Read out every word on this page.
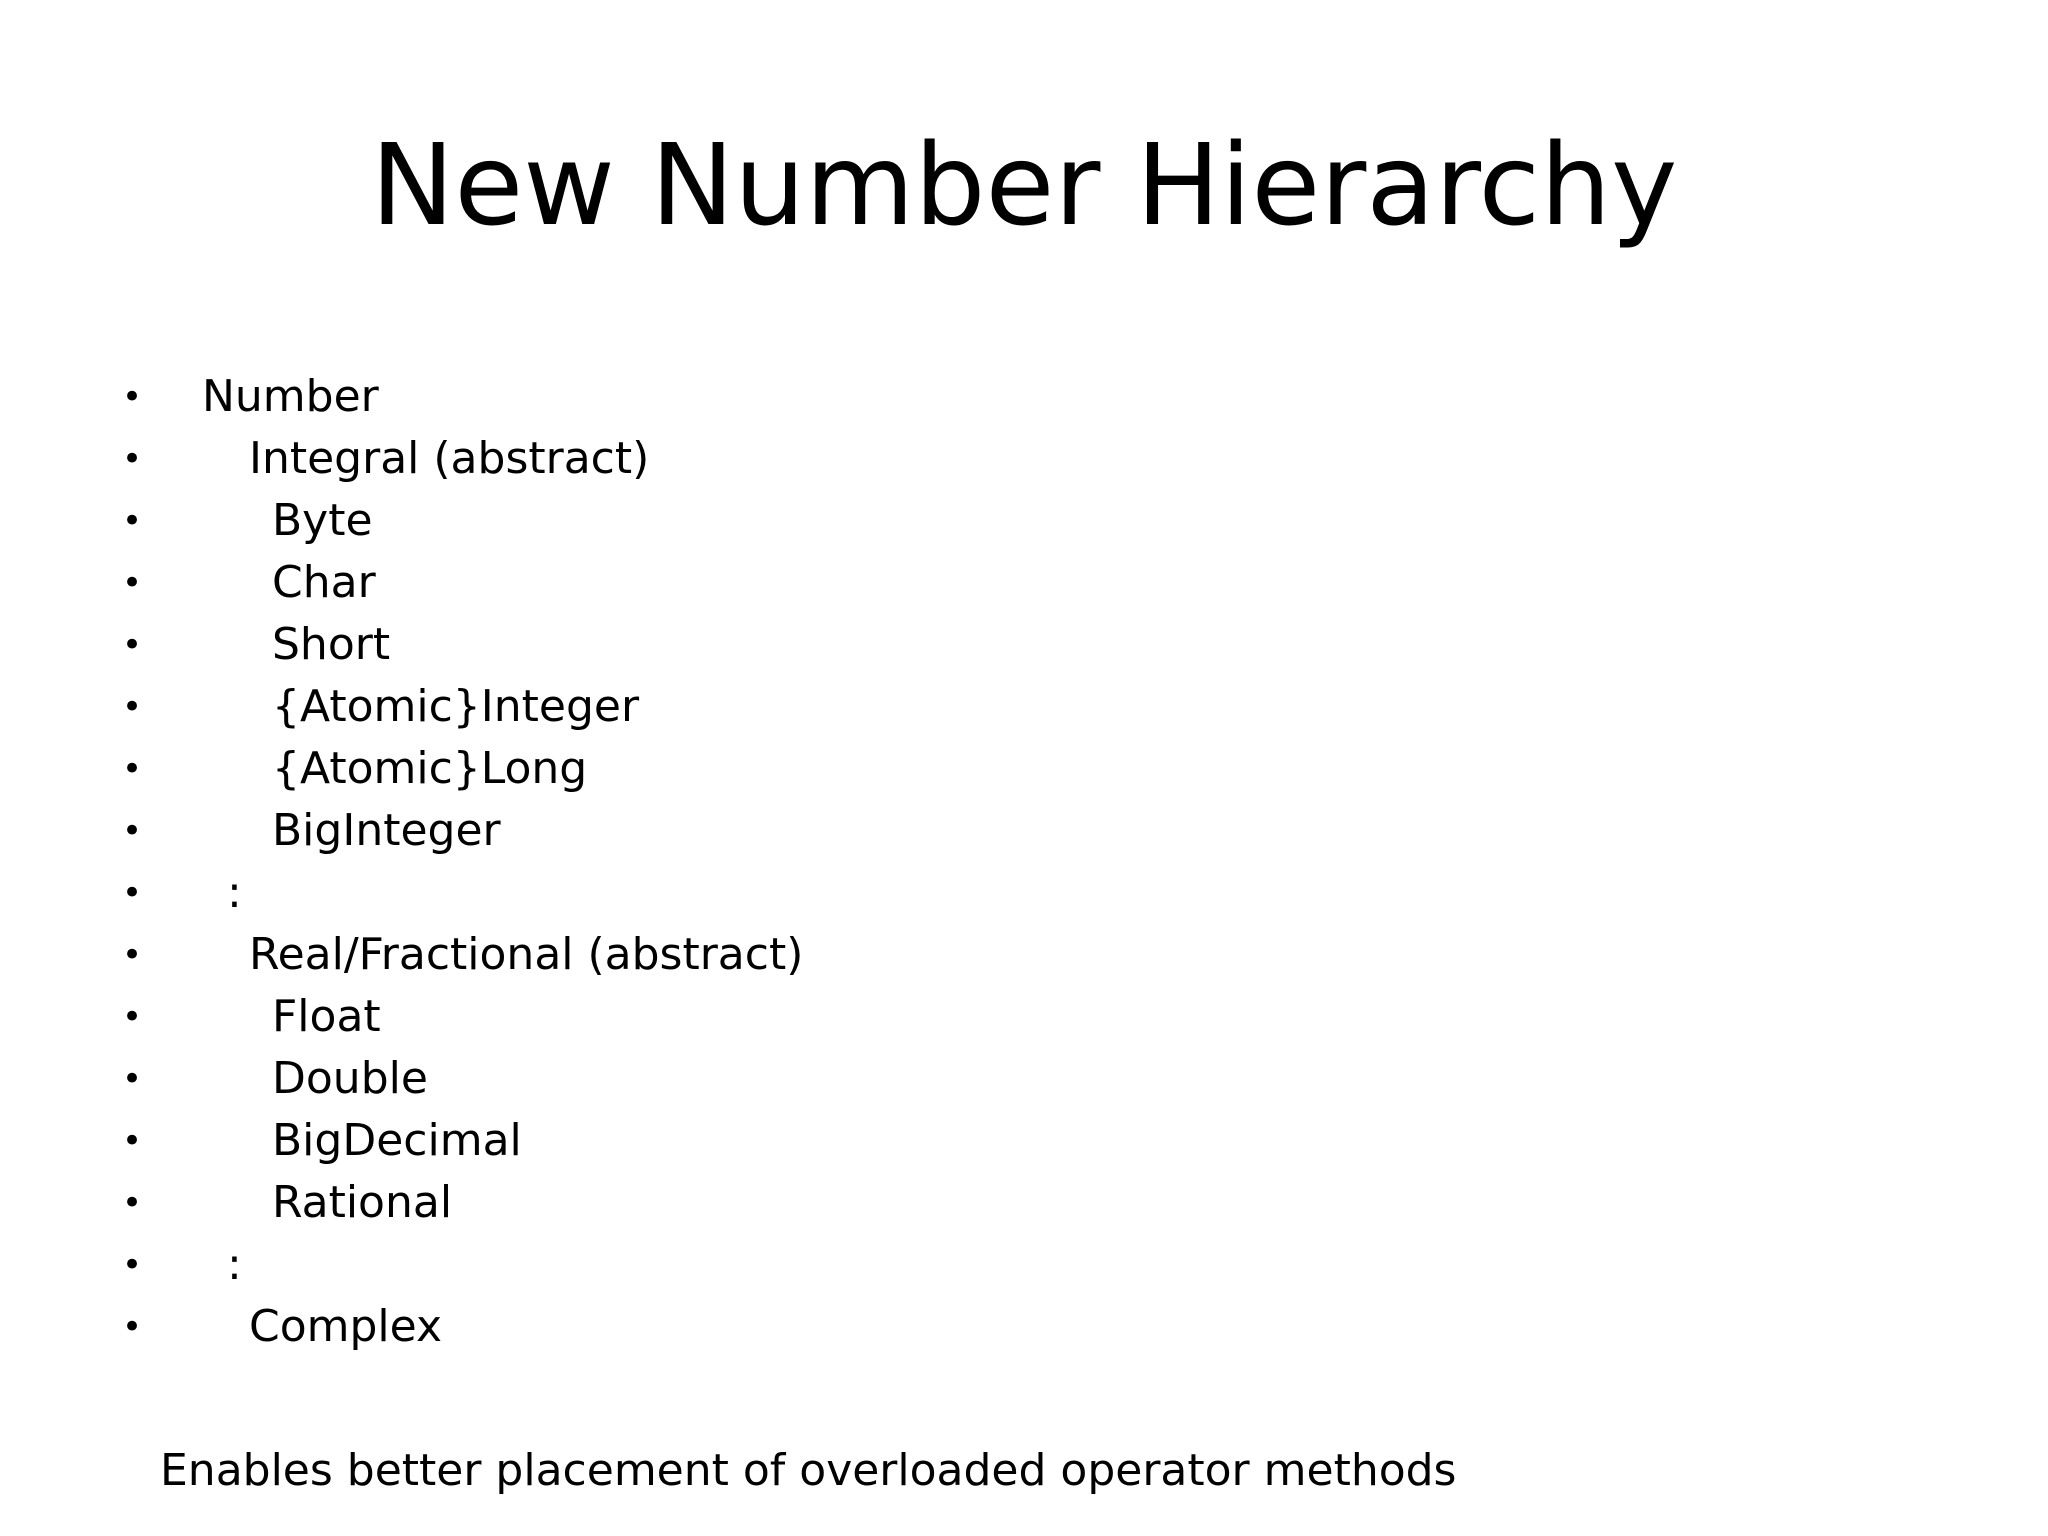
New Number Hierarchy
• Number
• Integral (abstract)
•	Byte
•	Char
•	Short
•	{Atomic}Integer
•	{Atomic}Long
•	BigInteger
• :
• Real/Fractional (abstract)
•	Float
•	Double
•	BigDecimal
•	Rational
• :
• Complex
Enables better placement of overloaded operator methods
